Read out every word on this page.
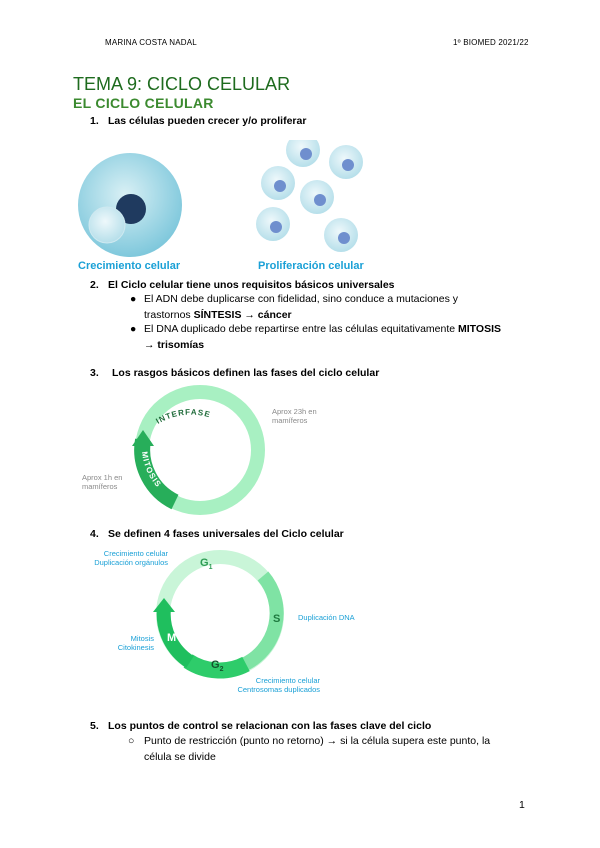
MARINA COSTA NADAL	1º BIOMED 2021/22
TEMA 9: CICLO CELULAR
EL CICLO CELULAR
1. Las células pueden crecer y/o proliferar
Crecimiento celular	Proliferación celular
2. El Ciclo celular tiene unos requisitos básicos universales
● El ADN debe duplicarse con fidelidad, sino conduce a mutaciones y
trastornos SÍNTESIS → cáncer
● El DNA duplicado debe repartirse entre las células equitativamente MITOSIS
→ trisomías
3. Los rasgos básicos definen las fases del ciclo celular
INTERFASE
MITOSIS
Aprox 23h en
mamíferos
Aprox 1h en
mamíferos
4. Se definen 4 fases universales del Ciclo celular
$G_1$
S
$G_2$
M
Crecimiento celular
Duplicación orgánulos
Duplicación DNA
Mitosis
Citokinesis
Crecimiento celular
Centrosomas duplicados
5. Los puntos de control se relacionan con las fases clave del ciclo
○ Punto de restricción (punto no retorno) → si la célula supera este punto, la
célula se divide
1
